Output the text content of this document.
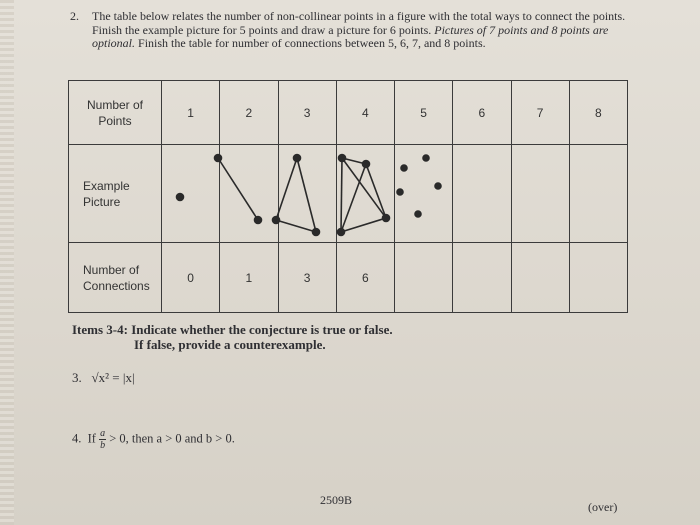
2. The table below relates the number of non-collinear points in a figure with the total ways to connect the points. Finish the example picture for 5 points and draw a picture for 6 points. Pictures of 7 points and 8 points are optional. Finish the table for number of connections between 5, 6, 7, and 8 points.
Number of Points	1	2	3	4	5	6	7	8
Example Picture								
Number of Connections	0	1	3	6				
Items 3-4: Indicate whether the conjecture is true or false.
If false, provide a counterexample.
3. √x² = |x|
4. If $\frac{a}{b} > 0$, then a > 0 and b > 0.
2509B	(over)
